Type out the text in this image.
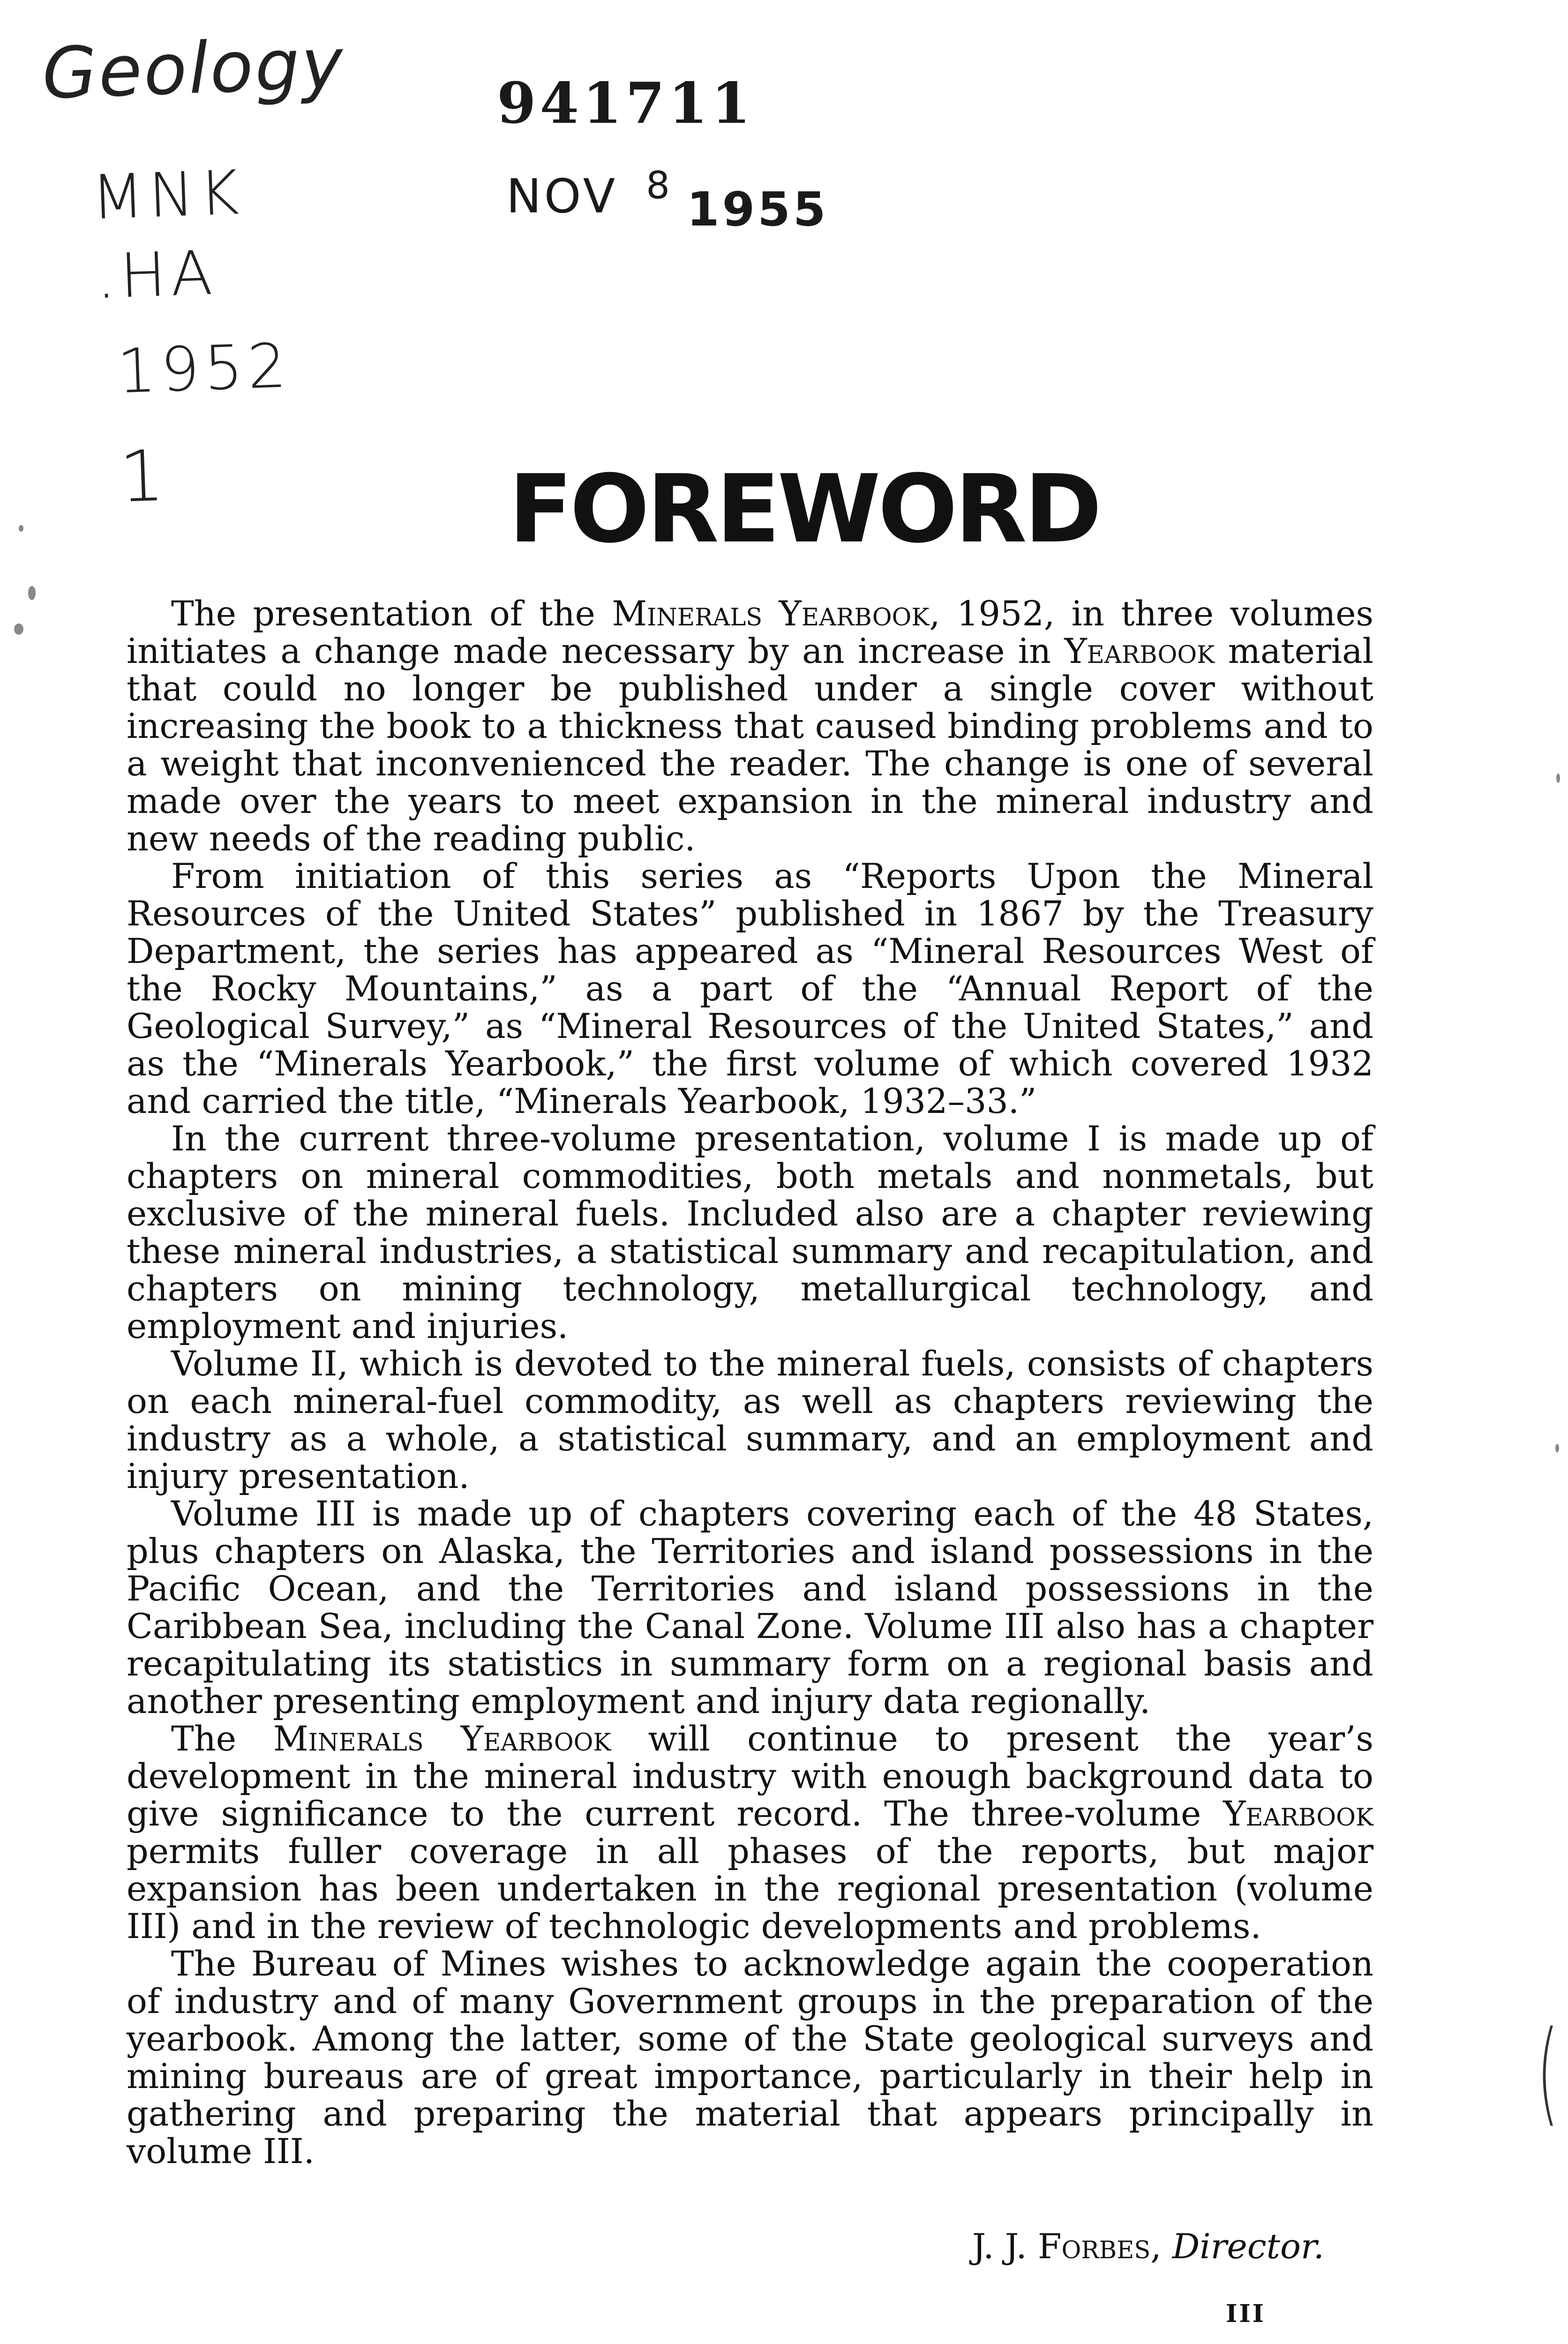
Geology
MNK
.HA
1952
1
941711
NOV $^8$ 1955
FOREWORD

The presentation of the Minerals Yearbook, 1952, in three volumes initiates a change made necessary by an increase in Yearbook material that could no longer be published under a single cover without increasing the book to a thickness that caused binding problems and to a weight that inconvenienced the reader. The change is one of several made over the years to meet expansion in the mineral industry and new needs of the reading public.

From initiation of this series as “Reports Upon the Mineral Resources of the United States” published in 1867 by the Treasury Department, the series has appeared as “Mineral Resources West of the Rocky Mountains,” as a part of the “Annual Report of the Geological Survey,” as “Mineral Resources of the United States,” and as the “Minerals Yearbook,” the first volume of which covered 1932 and carried the title, “Minerals Yearbook, 1932–33.”

In the current three-volume presentation, volume I is made up of chapters on mineral commodities, both metals and nonmetals, but exclusive of the mineral fuels. Included also are a chapter reviewing these mineral industries, a statistical summary and recapitulation, and chapters on mining technology, metallurgical technology, and employment and injuries.

Volume II, which is devoted to the mineral fuels, consists of chapters on each mineral-fuel commodity, as well as chapters reviewing the industry as a whole, a statistical summary, and an employment and injury presentation.

Volume III is made up of chapters covering each of the 48 States, plus chapters on Alaska, the Territories and island possessions in the Pacific Ocean, and the Territories and island possessions in the Caribbean Sea, including the Canal Zone. Volume III also has a chapter recapitulating its statistics in summary form on a regional basis and another presenting employment and injury data regionally.

The Minerals Yearbook will continue to present the year’s development in the mineral industry with enough background data to give significance to the current record. The three-volume Yearbook permits fuller coverage in all phases of the reports, but major expansion has been undertaken in the regional presentation (volume III) and in the review of technologic developments and problems.

The Bureau of Mines wishes to acknowledge again the cooperation of industry and of many Government groups in the preparation of the yearbook. Among the latter, some of the State geological surveys and mining bureaus are of great importance, particularly in their help in gathering and preparing the material that appears principally in volume III.

J. J. Forbes, Director.

III

(
